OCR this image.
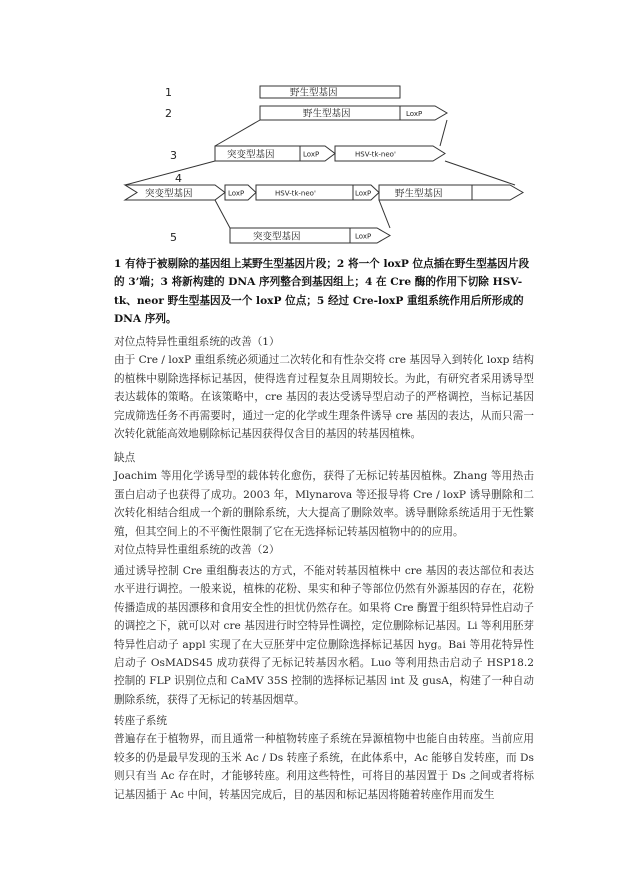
1
2
3
4
5
野生型基因
野生型基因
突变型基因
突变型基因	野生型基因
突变型基因
LoxP
LoxP	HSV-tk-neo'
LoxP	HSV-tk-neo'	LoxP
LoxP
1 有待于被剔除的基因组上某野生型基因片段；2 将一个 loxP 位点插在野生型基因片段的 3’端；3 将新构建的 DNA 序列整合到基因组上；4 在 Cre 酶的作用下切除 HSV-tk、neor 野生型基因及一个 loxP 位点；5 经过 Cre-loxP 重组系统作用后所形成的 DNA 序列。

对位点特异性重组系统的改善（1）

由于 Cre / loxP 重组系统必须通过二次转化和有性杂交将 cre 基因导入到转化 loxp 结构的植株中剔除选择标记基因，使得选育过程复杂且周期较长。为此，有研究者采用诱导型表达载体的策略。在该策略中，cre 基因的表达受诱导型启动子的严格调控，当标记基因完成筛选任务不再需要时，通过一定的化学或生理条件诱导 cre 基因的表达，从而只需一次转化就能高效地剔除标记基因获得仅含目的基因的转基因植株。

缺点

Joachim 等用化学诱导型的载体转化愈伤，获得了无标记转基因植株。Zhang 等用热击蛋白启动子也获得了成功。2003 年，Mlynarova 等还报导将 Cre / loxP 诱导删除和二次转化相结合组成一个新的删除系统，大大提高了删除效率。诱导删除系统适用于无性繁殖，但其空间上的不平衡性限制了它在无选择标记转基因植物中的的应用。

对位点特异性重组系统的改善（2）

通过诱导控制 Cre 重组酶表达的方式，不能对转基因植株中 cre 基因的表达部位和表达水平进行调控。一般来说，植株的花粉、果实和种子等部位仍然有外源基因的存在，花粉传播造成的基因漂移和食用安全性的担忧仍然存在。如果将 Cre 酶置于组织特异性启动子的调控之下，就可以对 cre 基因进行时空特异性调控，定位删除标记基因。Li 等利用胚芽特异性启动子 appl 实现了在大豆胚芽中定位删除选择标记基因 hyg。Bai 等用花特异性启动子 OsMADS45 成功获得了无标记转基因水稻。Luo 等利用热击启动子 HSP18.2 控制的 FLP 识别位点和 CaMV 35S 控制的选择标记基因 int 及 gusA，构建了一种自动删除系统，获得了无标记的转基因烟草。

转座子系统

普遍存在于植物界，而且通常一种植物转座子系统在异源植物中也能自由转座。当前应用较多的仍是最早发现的玉米 Ac / Ds 转座子系统，在此体系中，Ac 能够自发转座，而 Ds 则只有当 Ac 存在时，才能够转座。利用这些特性，可将目的基因置于 Ds 之间或者将标记基因插于 Ac 中间，转基因完成后，目的基因和标记基因将随着转座作用而发生
